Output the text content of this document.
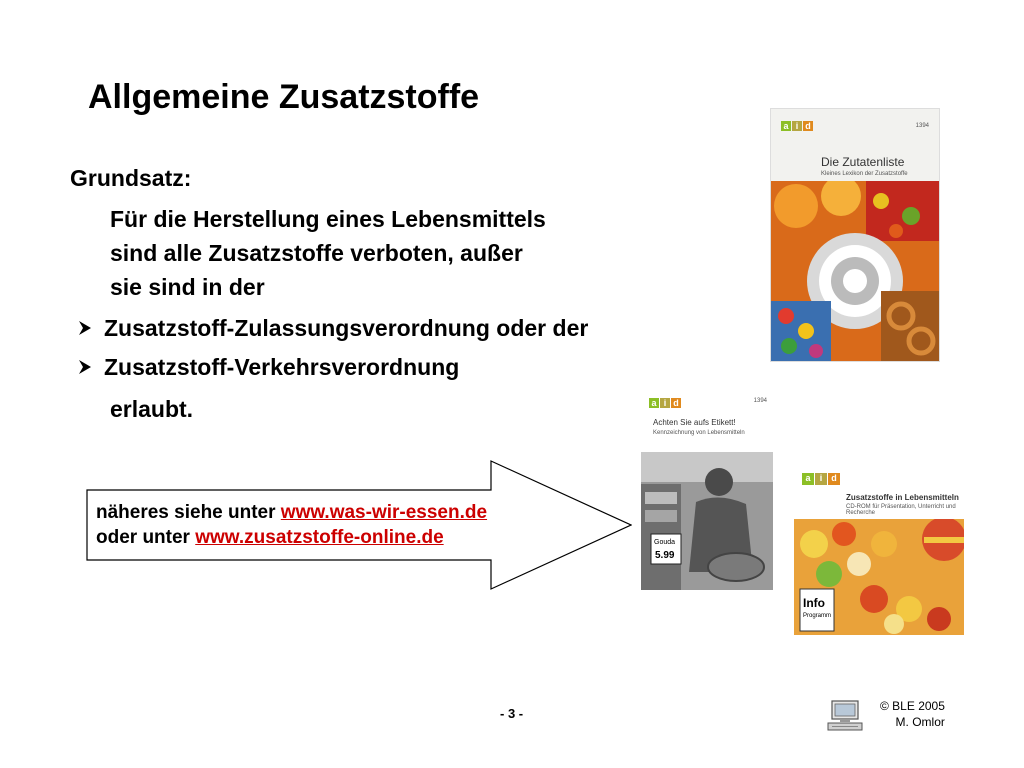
Allgemeine Zusatzstoffe
Grundsatz:
Für die Herstellung eines Lebensmittels
sind alle Zusatzstoffe verboten, außer
sie sind in der
Zusatzstoff-Zulassungsverordnung oder der
Zusatzstoff-Verkehrsverordnung
erlaubt.
näheres siehe unter www.was-wir-essen.de
oder unter www.zusatzstoffe-online.de
a i d	1394
Die Zutatenliste
Kleines Lexikon der Zusatzstoffe
a i d	1394
Achten Sie aufs Etikett!
Kennzeichnung von Lebensmitteln
Gouda
5.99
a	i	d
Zusatzstoffe in Lebensmitteln
CD-ROM für Präsentation, Unterricht und Recherche
Info
Programm
- 3 -	© BLE 2005
M. Omlor
